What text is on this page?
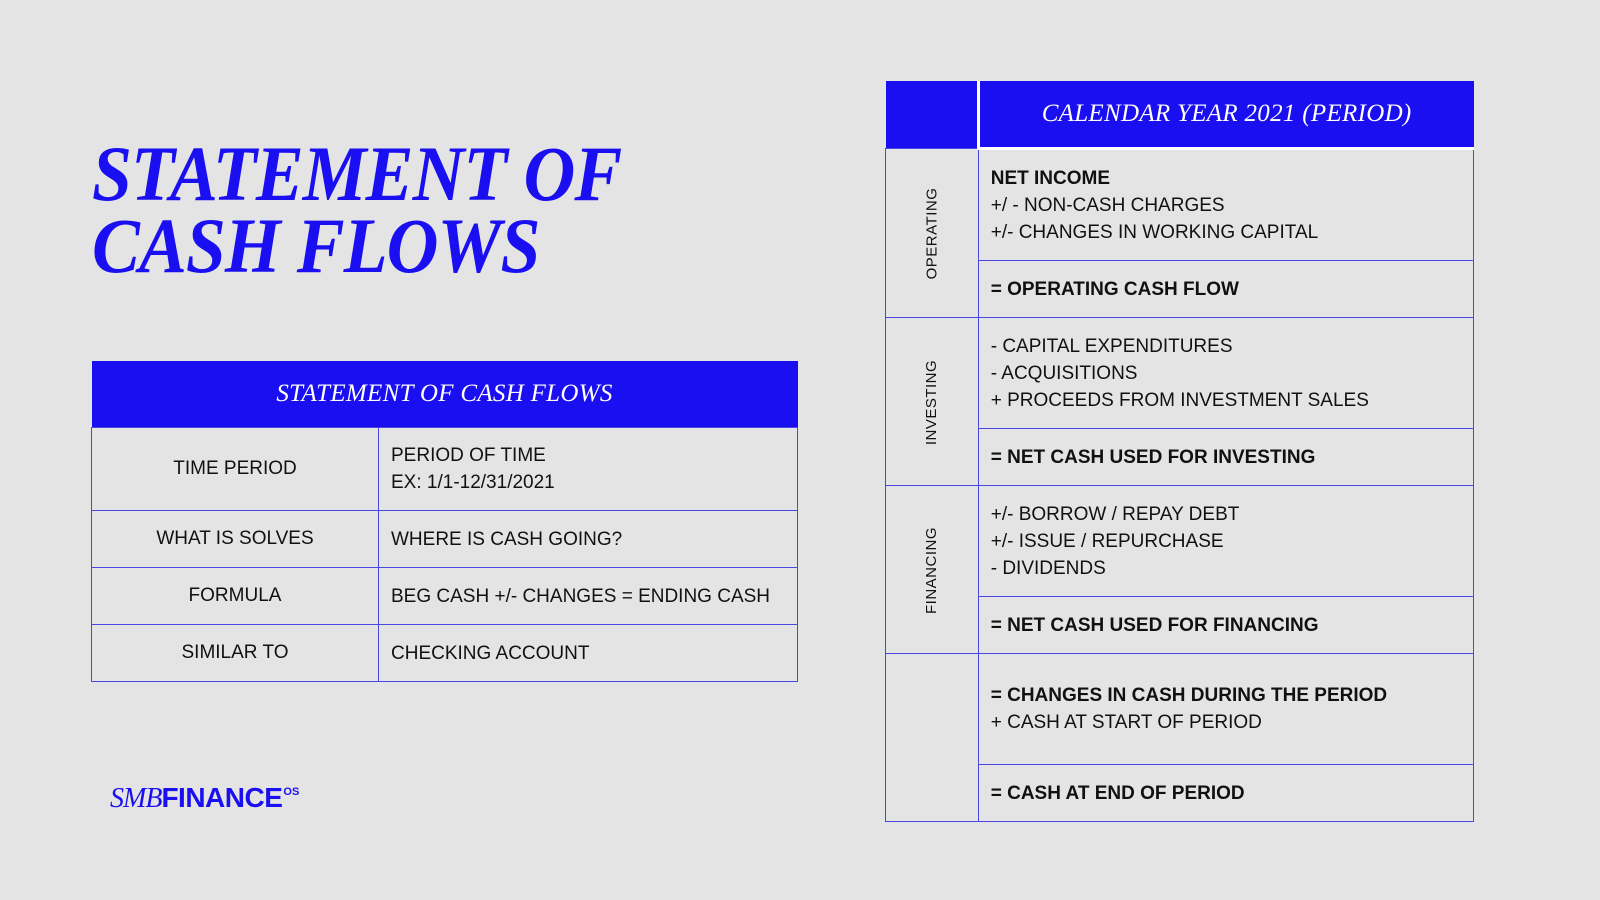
STATEMENT OF
CASH FLOWS
STATEMENT OF CASH FLOWS	
TIME PERIOD	PERIOD OF TIME
EX: 1/1-12/31/2021

WHAT IS SOLVES	WHERE IS CASH GOING?
FORMULA	BEG CASH +/- CHANGES = ENDING CASH
SIMILAR TO	CHECKING ACCOUNT
$SMBFINANCE^{OS}$
	CALENDAR YEAR 2021 (PERIOD)
OPERATING	NET INCOME
+/ - NON-CASH CHARGES
+/- CHANGES IN WORKING CAPITAL

	= OPERATING CASH FLOW
INVESTING	- CAPITAL EXPENDITURES
- ACQUISITIONS
+ PROCEEDS FROM INVESTMENT SALES

	= NET CASH USED FOR INVESTING
FINANCING	+/- BORROW / REPAY DEBT
+/- ISSUE / REPURCHASE
- DIVIDENDS

	= NET CASH USED FOR FINANCING

	= CHANGES IN CASH DURING THE PERIOD
+ CASH AT START OF PERIOD

	= CASH AT END OF PERIOD
